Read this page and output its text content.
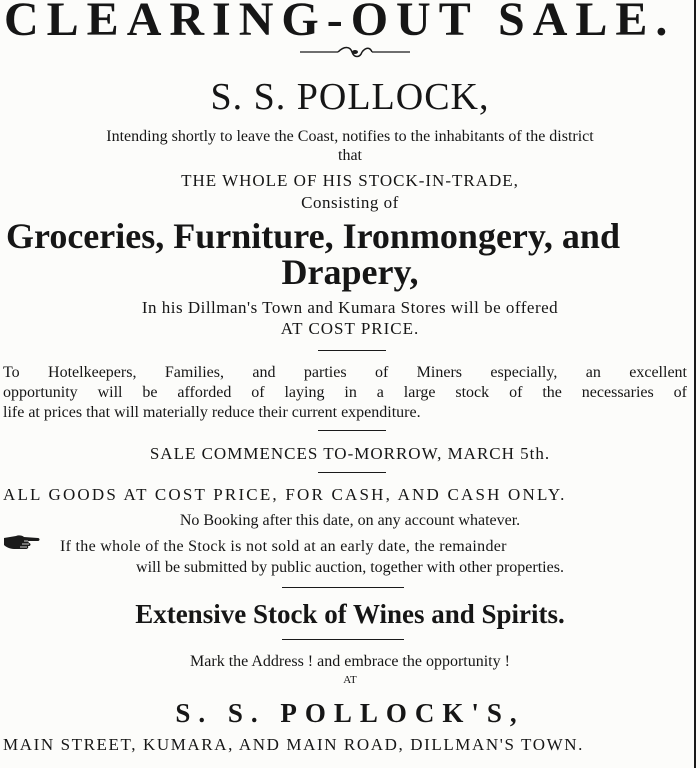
CLEARING-OUT SALE.
S. S. POLLOCK,
Intending shortly to leave the Coast, notifies to the inhabitants of the district
that
THE WHOLE OF HIS STOCK-IN-TRADE,
Consisting of
Groceries, Furniture, Ironmongery, and
Drapery,
In his Dillman's Town and Kumara Stores will be offered
AT COST PRICE.
To Hotelkeepers, Families, and parties of Miners especially, an excellent
opportunity will be afforded of laying in a large stock of the necessaries of
life at prices that will materially reduce their current expenditure.
SALE COMMENCES TO-MORROW, MARCH 5th.
ALL GOODS AT COST PRICE, FOR CASH, AND CASH ONLY.
No Booking after this date, on any account whatever.
If the whole of the Stock is not sold at an early date, the remainder
will be submitted by public auction, together with other properties.
Extensive Stock of Wines and Spirits.
Mark the Address ! and embrace the opportunity !
AT
S. S. POLLOCK'S,
MAIN STREET, KUMARA, AND MAIN ROAD, DILLMAN'S TOWN.
